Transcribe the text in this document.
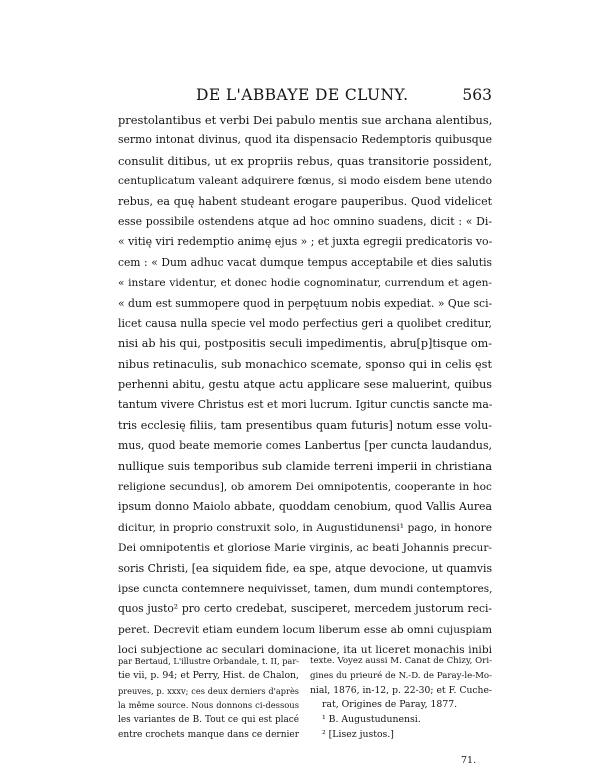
DE L'ABBAYE DE CLUNY.	563
prestolantibus et verbi Dei pabulo mentis sue archana alentibus,
sermo intonat divinus, quod ita dispensacio Redemptoris quibusque
consulit ditibus, ut ex propriis rebus, quas transitorie possident,
centuplicatum valeant adquirere fœnus, si modo eisdem bene utendo
rebus, ea quę habent studeant erogare pauperibus. Quod videlicet
esse possibile ostendens atque ad hoc omnino suadens, dicit : « Di-
« vitię viri redemptio animę ejus » ; et juxta egregii predicatoris vo-
cem : « Dum adhuc vacat dumque tempus acceptabile et dies salutis
« instare videntur, et donec hodie cognominatur, currendum et agen-
« dum est summopere quod in perpętuum nobis expediat. » Que sci-
licet causa nulla specie vel modo perfectius geri a quolibet creditur,
nisi ab his qui, postpositis seculi impedimentis, abru[p]tisque om-
nibus retinaculis, sub monachico scemate, sponso qui in celis ęst
perhenni abitu, gestu atque actu applicare sese maluerint, quibus
tantum vivere Christus est et mori lucrum. Igitur cunctis sancte ma-
tris ecclesię filiis, tam presentibus quam futuris] notum esse volu-
mus, quod beate memorie comes Lanbertus [per cuncta laudandus,
nullique suis temporibus sub clamide terreni imperii in christiana
religione secundus], ob amorem Dei omnipotentis, cooperante in hoc
ipsum donno Maiolo abbate, quoddam cenobium, quod Vallis Aurea
dicitur, in proprio construxit solo, in Augustidunensi¹ pago, in honore
Dei omnipotentis et gloriose Marie virginis, ac beati Johannis precur-
soris Christi, [ea siquidem fide, ea spe, atque devocione, ut quamvis
ipse cuncta contemnere nequivisset, tamen, dum mundi contemptores,
quos justo² pro certo credebat, susciperet, mercedem justorum reci-
peret. Decrevit etiam eundem locum liberum esse ab omni cujuspiam
loci subjectione ac seculari dominacione, ita ut liceret monachis inibi
par Bertaud, L'illustre Orbandale, t. II, par-
tie vii, p. 94; et Perry, Hist. de Chalon,
preuves, p. xxxv; ces deux derniers d'après
la même source. Nous donnons ci-dessous
les variantes de B. Tout ce qui est placé
entre crochets manque dans ce dernier
texte. Voyez aussi M. Canat de Chizy, Ori-
gines du prieuré de N.-D. de Paray-le-Mo-
nial, 1876, in-12, p. 22-30; et F. Cuche-
rat, Origines de Paray, 1877.
¹ B. Augustudunensi.
² [Lisez justos.]
71.
